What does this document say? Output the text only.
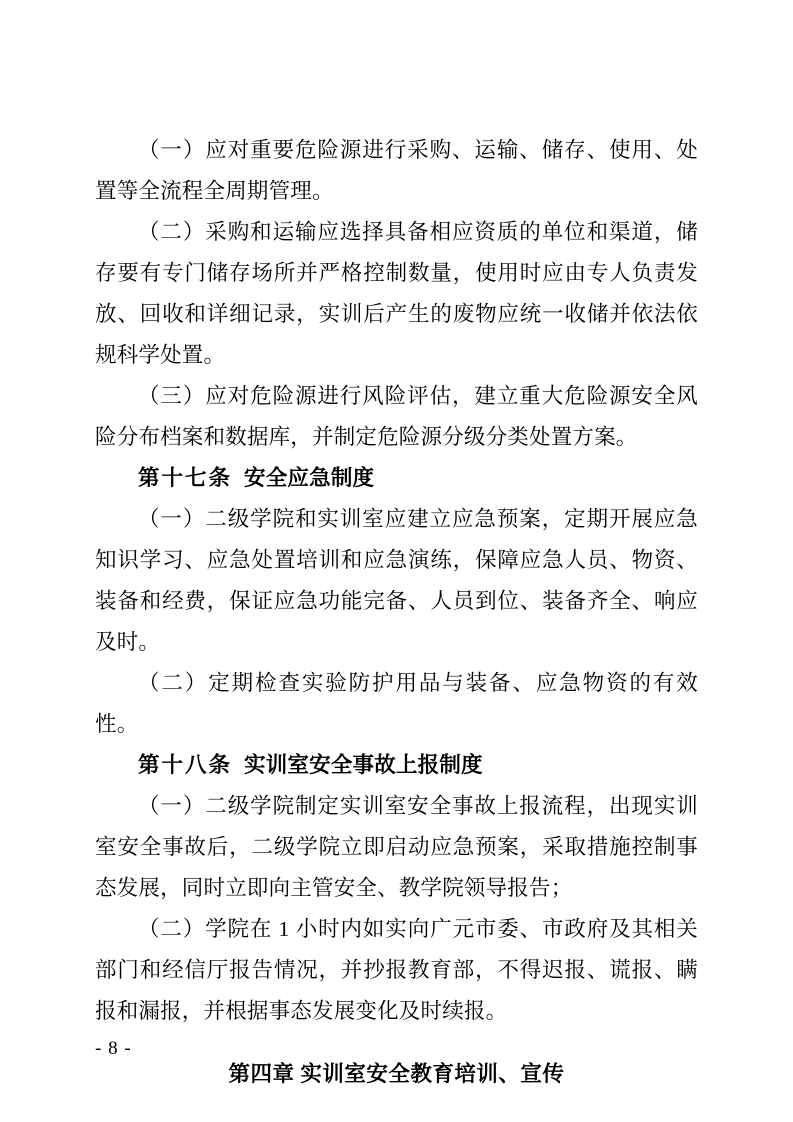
（一）应对重要危险源进行采购、运输、储存、使用、处置等全流程全周期管理。

（二）采购和运输应选择具备相应资质的单位和渠道，储存要有专门储存场所并严格控制数量，使用时应由专人负责发放、回收和详细记录，实训后产生的废物应统一收储并依法依规科学处置。

（三）应对危险源进行风险评估，建立重大危险源安全风险分布档案和数据库，并制定危险源分级分类处置方案。

第十七条 安全应急制度

（一）二级学院和实训室应建立应急预案，定期开展应急知识学习、应急处置培训和应急演练，保障应急人员、物资、装备和经费，保证应急功能完备、人员到位、装备齐全、响应及时。

（二）定期检查实验防护用品与装备、应急物资的有效性。

第十八条 实训室安全事故上报制度

（一）二级学院制定实训室安全事故上报流程，出现实训室安全事故后，二级学院立即启动应急预案，采取措施控制事态发展，同时立即向主管安全、教学院领导报告；

（二）学院在 1 小时内如实向广元市委、市政府及其相关部门和经信厅报告情况，并抄报教育部，不得迟报、谎报、瞒报和漏报，并根据事态发展变化及时续报。

第四章 实训室安全教育培训、宣传

- 8 -
